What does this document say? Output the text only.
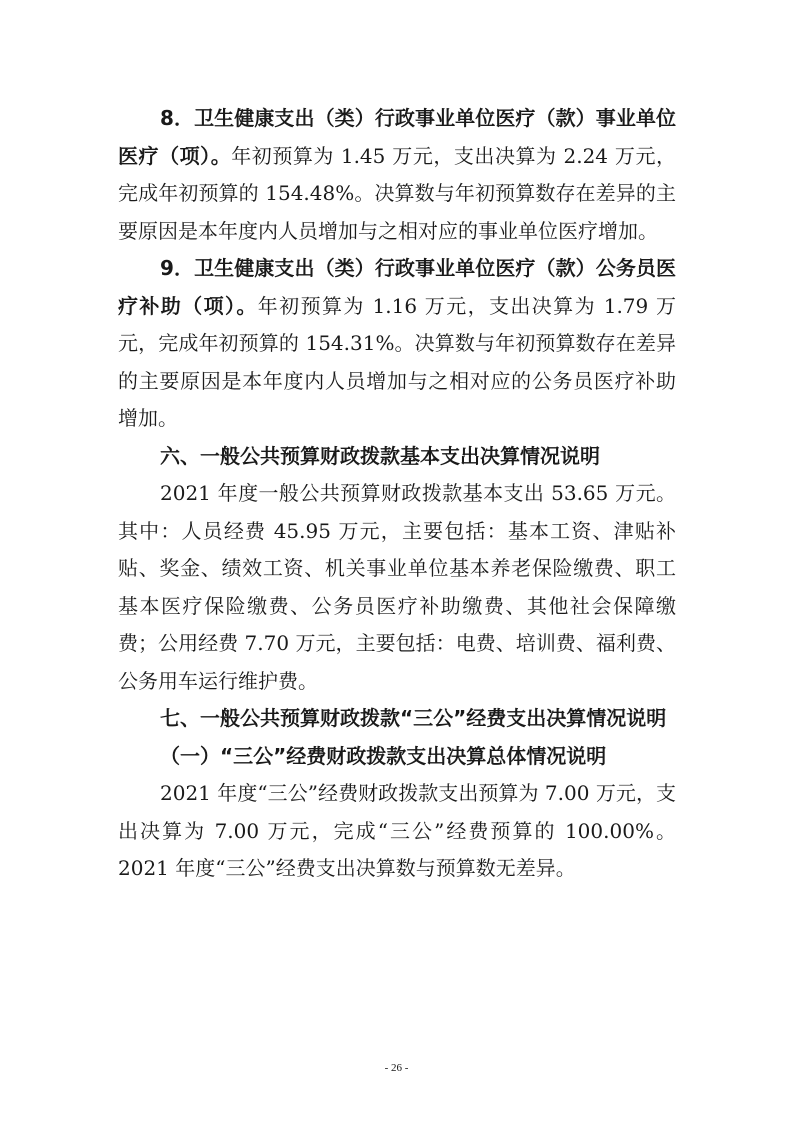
8．卫生健康支出（类）行政事业单位医疗（款）事业单位医疗（项）。年初预算为 1.45 万元，支出决算为 2.24 万元，完成年初预算的 154.48%。决算数与年初预算数存在差异的主要原因是本年度内人员增加与之相对应的事业单位医疗增加。

9．卫生健康支出（类）行政事业单位医疗（款）公务员医疗补助（项）。年初预算为 1.16 万元，支出决算为 1.79 万元，完成年初预算的 154.31%。决算数与年初预算数存在差异的主要原因是本年度内人员增加与之相对应的公务员医疗补助增加。

六、一般公共预算财政拨款基本支出决算情况说明

2021 年度一般公共预算财政拨款基本支出 53.65 万元。其中：人员经费 45.95 万元，主要包括：基本工资、津贴补贴、奖金、绩效工资、机关事业单位基本养老保险缴费、职工基本医疗保险缴费、公务员医疗补助缴费、其他社会保障缴费；公用经费 7.70 万元，主要包括：电费、培训费、福利费、公务用车运行维护费。

七、一般公共预算财政拨款“三公”经费支出决算情况说明

（一）“三公”经费财政拨款支出决算总体情况说明

2021 年度“三公”经费财政拨款支出预算为 7.00 万元，支出决算为 7.00 万元，完成“三公”经费预算的 100.00%。2021 年度“三公”经费支出决算数与预算数无差异。

- 26 -
